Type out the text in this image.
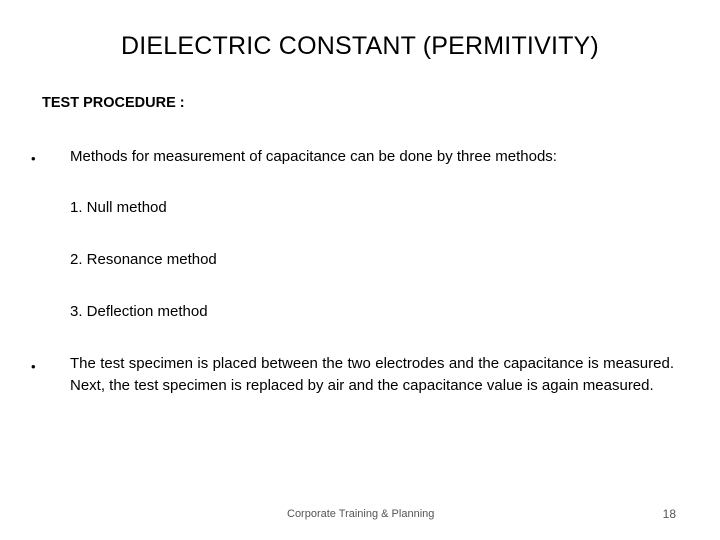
DIELECTRIC CONSTANT (PERMITIVITY)
TEST PROCEDURE :
• Methods for measurement of capacitance can be done by three methods:
1. Null method
2. Resonance method
3. Deflection method
• The test specimen is placed between the two electrodes and the capacitance is measured. Next, the test specimen is replaced by air and the capacitance value is again measured.
Corporate Training & Planning	18
